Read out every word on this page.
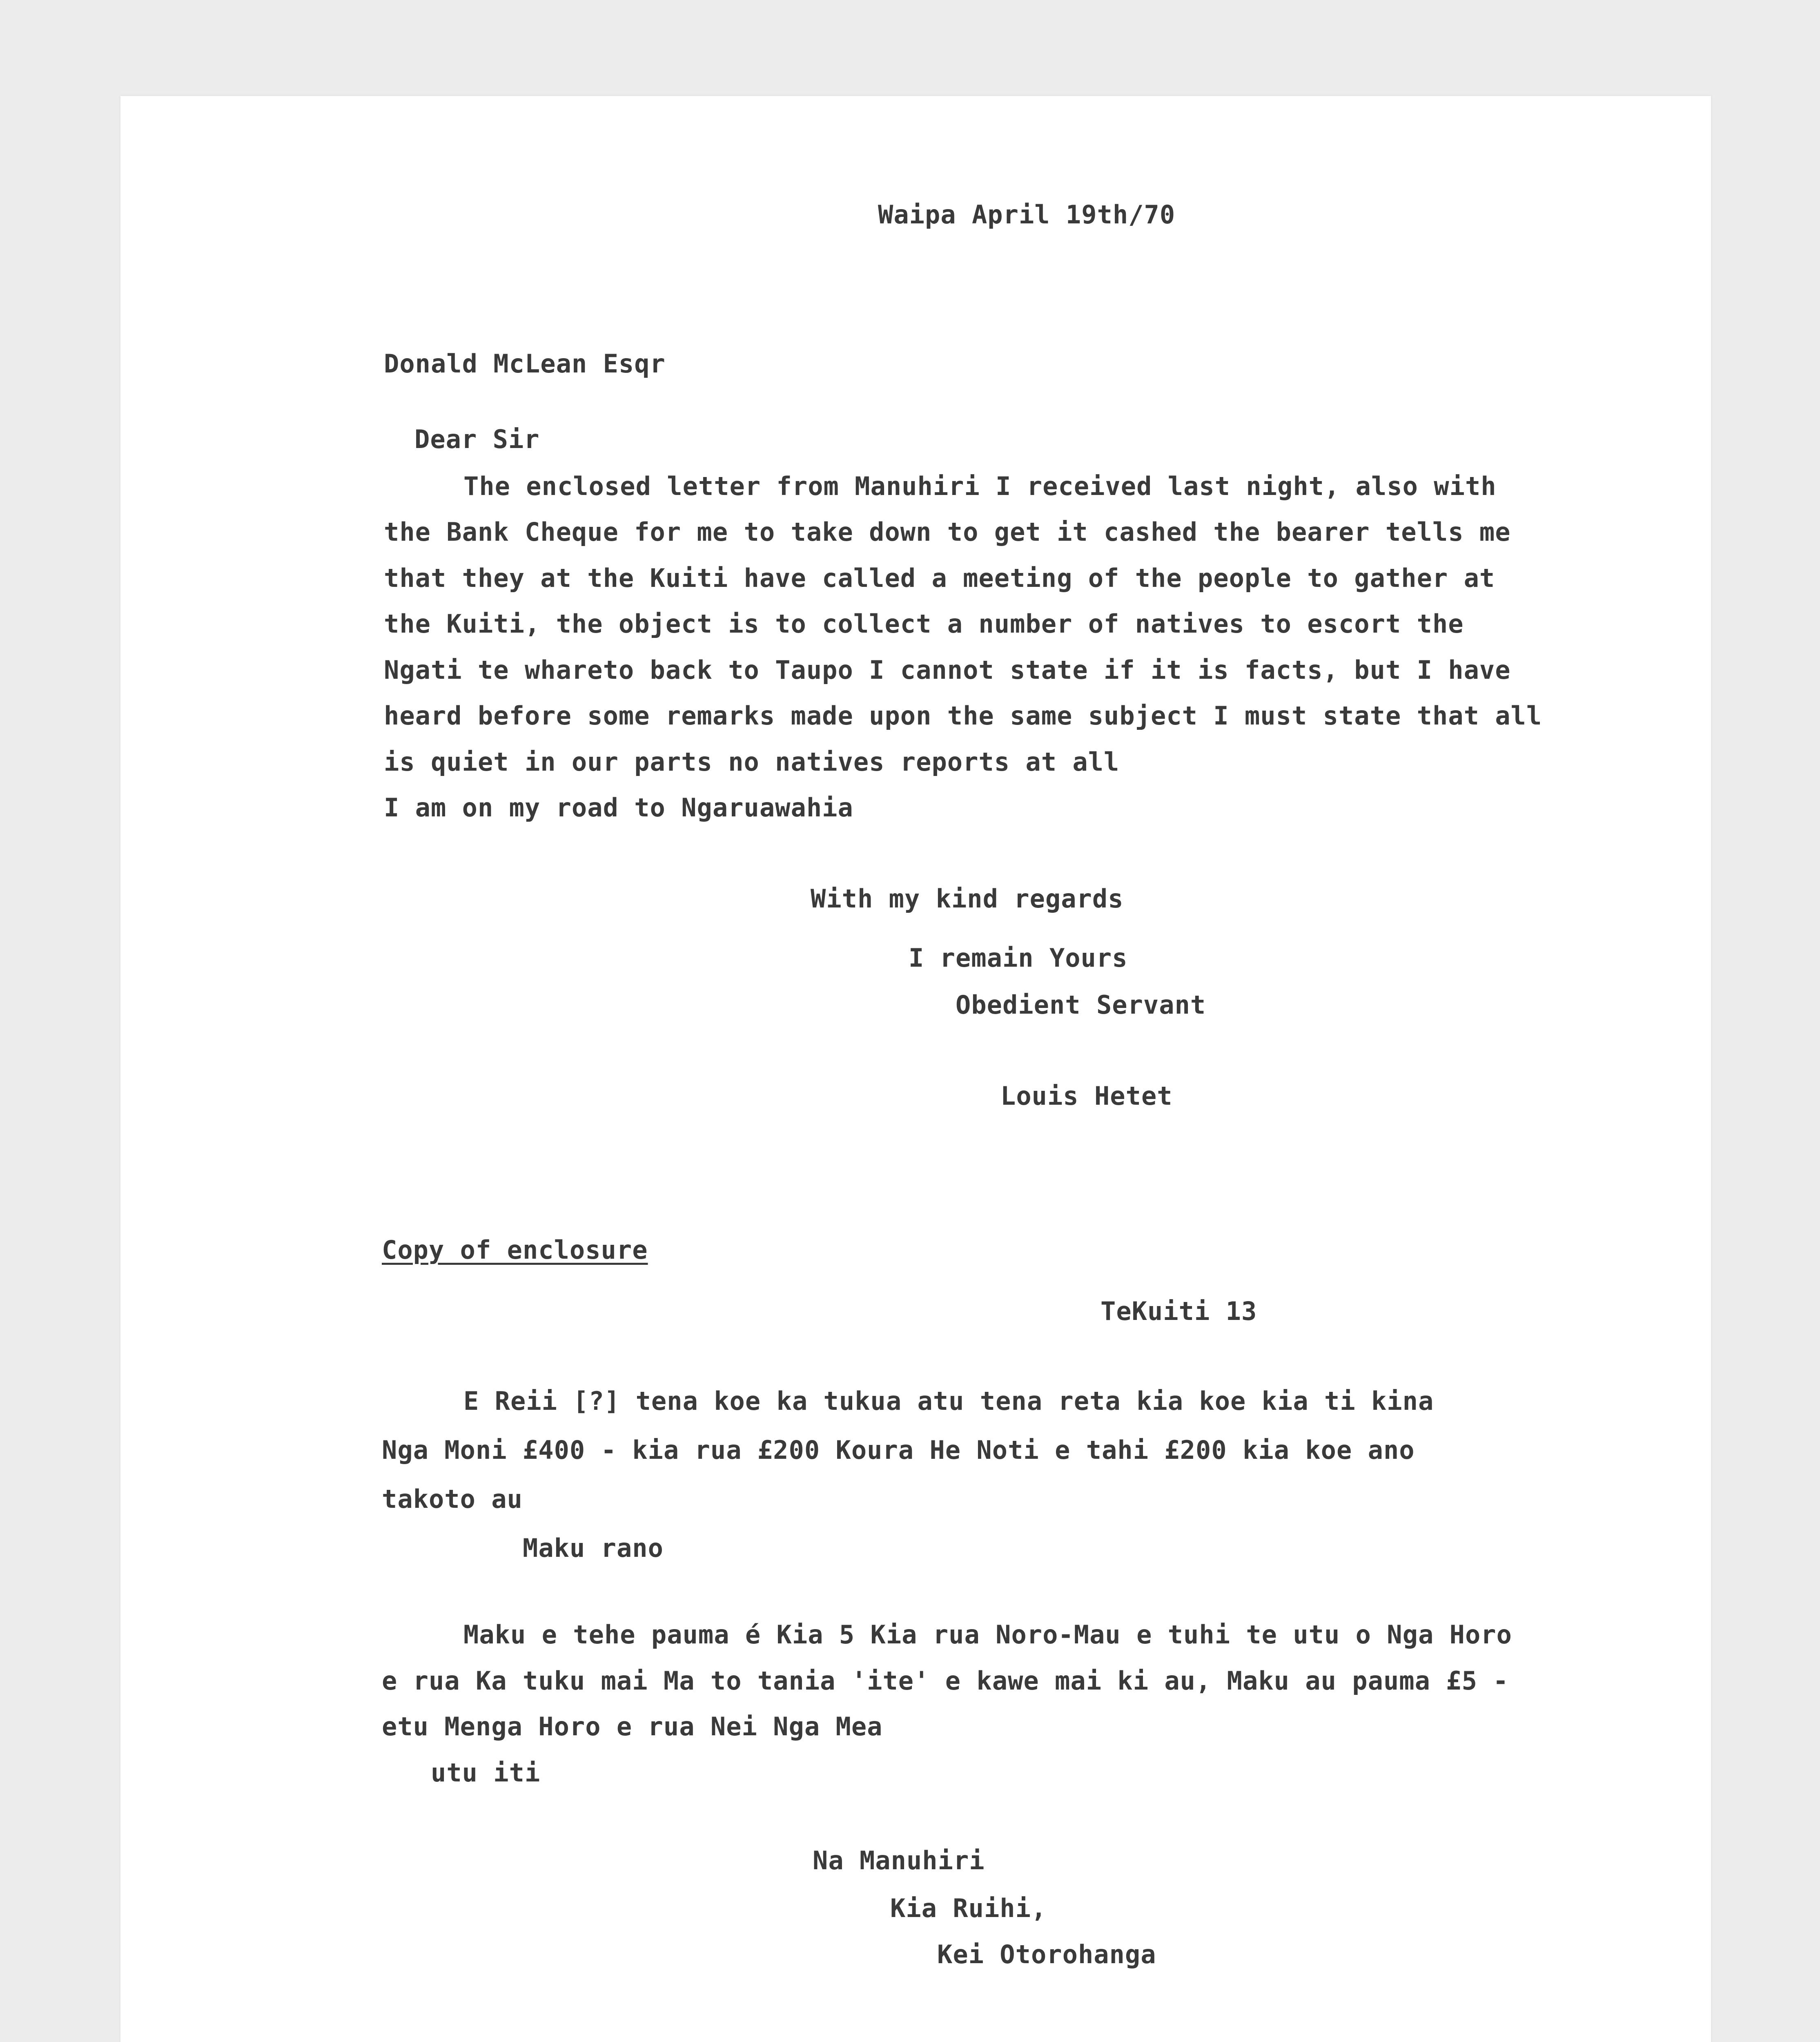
Waipa April 19th/70

Donald McLean Esqr

Dear Sir

The enclosed letter from Manuhiri I received last night, also with

the Bank Cheque for me to take down to get it cashed the bearer tells me

that they at the Kuiti have called a meeting of the people to gather at

the Kuiti, the object is to collect a number of natives to escort the

Ngati te whareto back to Taupo I cannot state if it is facts, but I have

heard before some remarks made upon the same subject I must state that all

is quiet in our parts no natives reports at all

I am on my road to Ngaruawahia

With my kind regards

I remain Yours

Obedient Servant

Louis Hetet

Copy of enclosure

TeKuiti 13

E Reii [?] tena koe ka tukua atu tena reta kia koe kia ti kina

Nga Moni £400 - kia rua £200 Koura He Noti e tahi £200 kia koe ano

takoto au

Maku rano

Maku e tehe pauma é Kia 5 Kia rua Noro-Mau e tuhi te utu o Nga Horo

e rua Ka tuku mai Ma to tania 'ite' e kawe mai ki au, Maku au pauma £5 -

etu Menga Horo e rua Nei Nga Mea

utu iti

Na Manuhiri

Kia Ruihi,

Kei Otorohanga
